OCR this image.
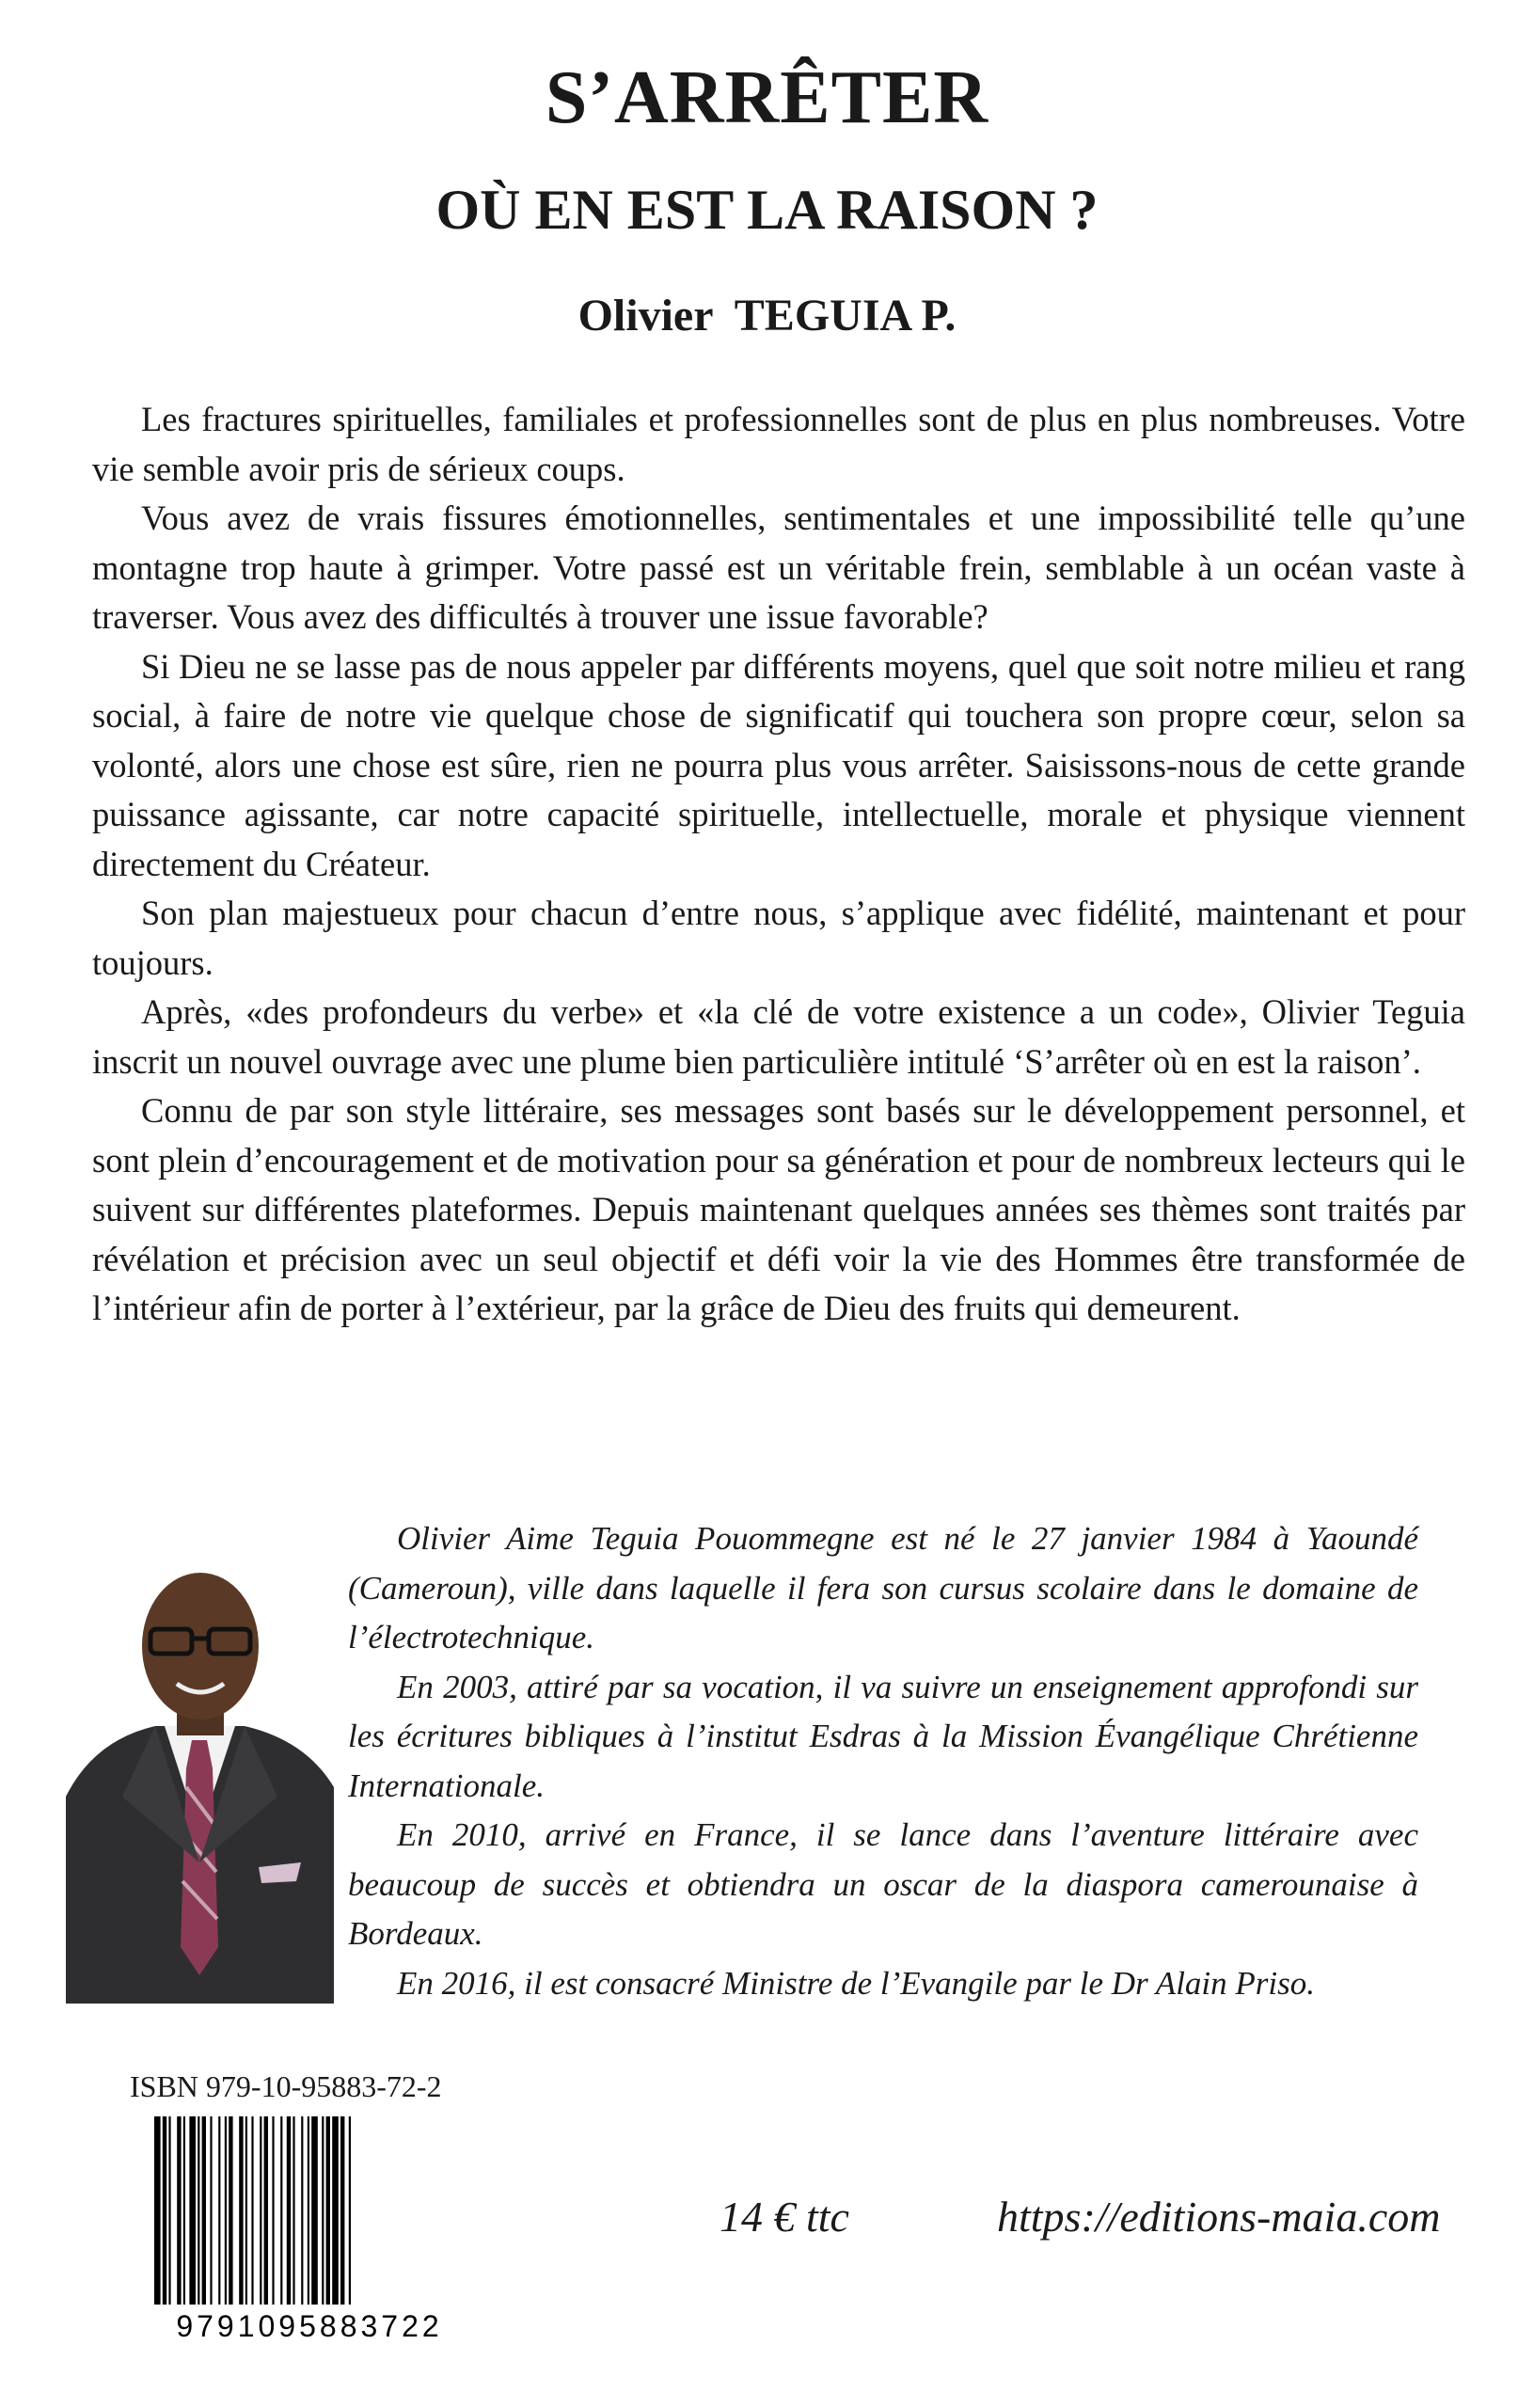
S’ARRÊTER
OÙ EN EST LA RAISON ?
Olivier  TEGUIA P.

Les fractures spirituelles, familiales et professionnelles sont de plus en plus nombreuses. Votre vie semble avoir pris de sérieux coups.

Vous avez de vrais fissures émotionnelles, sentimentales et une impossibilité telle qu’une montagne trop haute à grimper. Votre passé est un véritable frein, semblable à un océan vaste à traverser. Vous avez des difficultés à trouver une issue favorable?

Si Dieu ne se lasse pas de nous appeler par différents moyens, quel que soit notre milieu et rang social, à faire de notre vie quelque chose de significatif qui touchera son propre cœur, selon sa volonté, alors une chose est sûre, rien ne pourra plus vous arrêter. Saisissons-nous de cette grande puissance agissante, car notre capacité spirituelle, intellectuelle, morale et physique viennent directement du Créateur.

Son plan majestueux pour chacun d’entre nous, s’applique avec fidélité, maintenant et pour toujours.

Après, «des profondeurs du verbe» et «la clé de votre existence a un code», Olivier Teguia inscrit un nouvel ouvrage avec une plume bien particulière intitulé ‘S’arrêter où en est la raison’.

Connu de par son style littéraire, ses messages sont basés sur le développement personnel, et sont plein d’encouragement et de motivation pour sa génération et pour de nombreux lecteurs qui le suivent sur différentes plateformes. Depuis maintenant quelques années ses thèmes sont traités par révélation et précision avec un seul objectif et défi voir la vie des Hommes être transformée de l’intérieur afin de porter à l’extérieur, par la grâce de Dieu des fruits qui demeurent.

Olivier Aime Teguia Pouommegne est né le 27 janvier 1984 à Yaoundé (Cameroun), ville dans laquelle il fera son cursus scolaire dans le domaine de l’électrotechnique.

En 2003, attiré par sa vocation, il va suivre un enseignement approfondi sur les écritures bibliques à l’institut Esdras à la Mission Évangélique Chrétienne Internationale.

En 2010, arrivé en France, il se lance dans l’aventure littéraire avec beaucoup de succès et obtiendra un oscar de la diaspora camerounaise à Bordeaux.

En 2016, il est consacré Ministre de l’Evangile par le Dr Alain Priso.

ISBN 979-10-95883-72-2
9791095883722
14 € ttc	https://editions-maia.com
